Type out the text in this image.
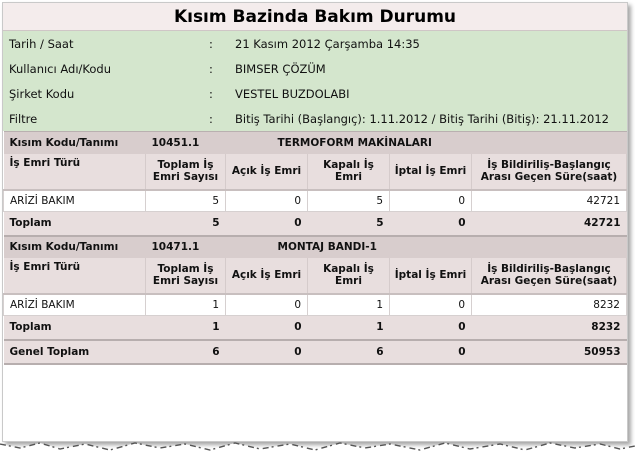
Kısım Bazinda Bakım Durumu
Tarih / Saat	:	21 Kasım 2012 Çarşamba 14:35
Kullanıcı Adı/Kodu	:	BIMSER ÇÖZÜM
Şirket Kodu	:	VESTEL BUZDOLABI
Filtre	:	Bitiş Tarihi (Başlangıç): 1.11.2012 / Bitiş Tarihi (Bitiş): 21.11.2012
Kısım Kodu/Tanımı	10451.1	TERMOFORM MAKİNALARI			
İş Emri Türü	Toplam İş Emri Sayısı	Açık İş Emri	Kapalı İş Emri	İptal İş Emri	İş Bildiriliş-Başlangıç Arası Geçen Süre(saat)
ARİZİ BAKIM	5	0	5	0	42721
Toplam	5	0	5	0	42721
Kısım Kodu/Tanımı	10471.1	MONTAJ BANDI-1			
İş Emri Türü	Toplam İş Emri Sayısı	Açık İş Emri	Kapalı İş Emri	İptal İş Emri	İş Bildiriliş-Başlangıç Arası Geçen Süre(saat)
ARİZİ BAKIM	1	0	1	0	8232
Toplam	1	0	1	0	8232
Genel Toplam	6	0	6	0	50953
